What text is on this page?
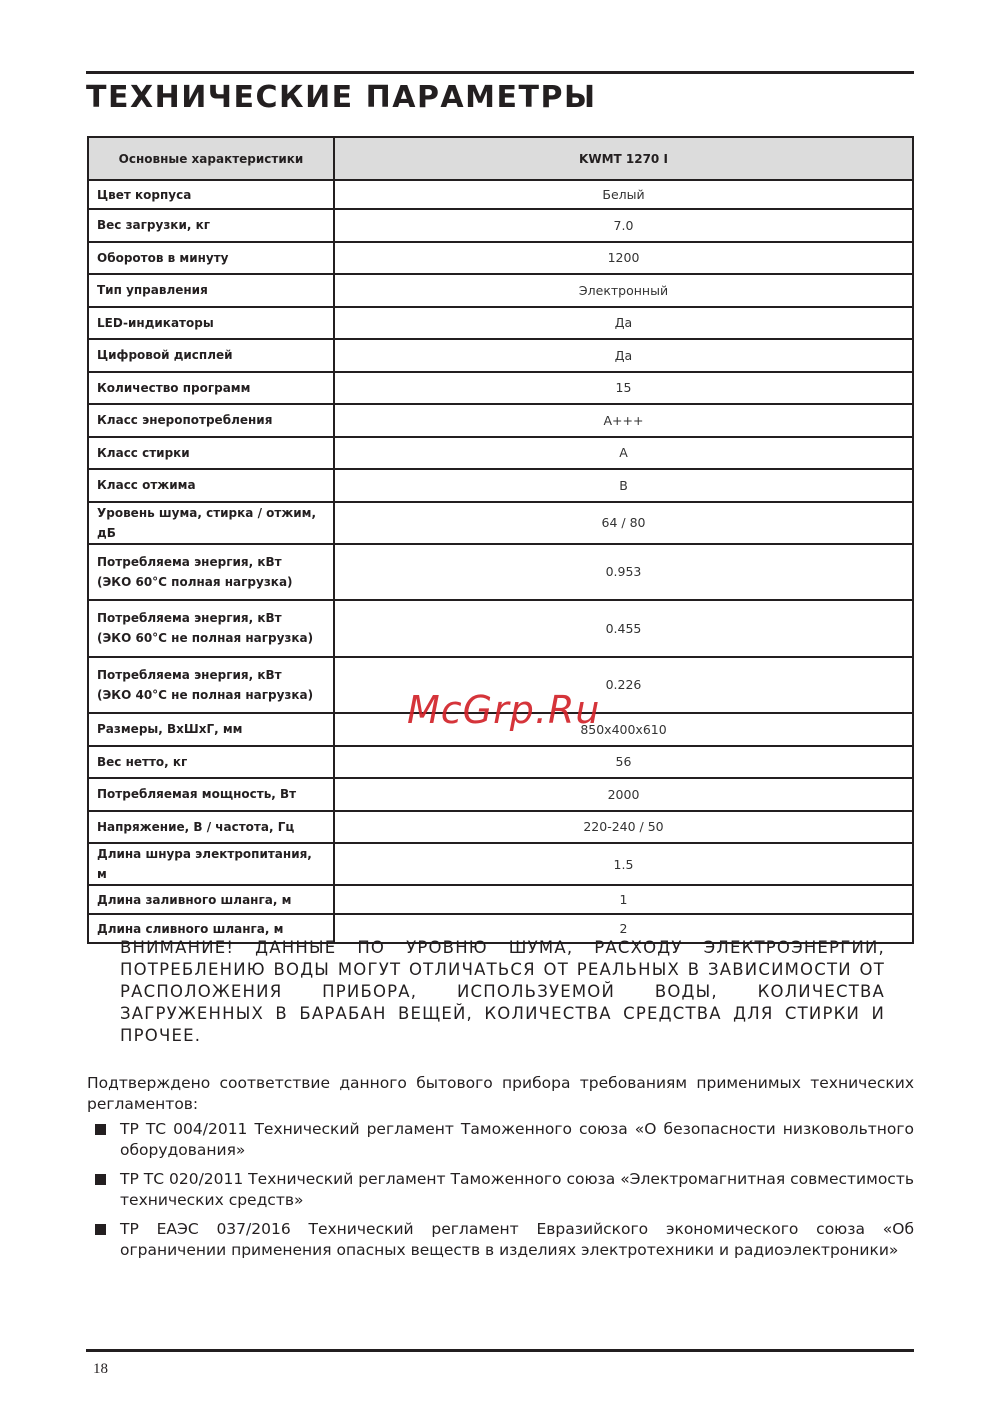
ТЕХНИЧЕСКИЕ ПАРАМЕТРЫ
Основные характеристики	KWMT 1270 I
Цвет корпуса	Белый
Вес загрузки, кг	7.0
Оборотов в минуту	1200
Тип управления	Электронный
LED-индикаторы	Да
Цифровой дисплей	Да
Количество программ	15
Класс энеропотребления	A+++
Класс стирки	A
Класс отжима	B
Уровень шума, стирка / отжим, дБ	64 / 80

Потребляема энергия, кВт
(ЭКО 60°C полная нагрузка)	0.953

Потребляема энергия, кВт
(ЭКО 60°C не полная нагрузка)	0.455

Потребляема энергия, кВт
(ЭКО 40°C не полная нагрузка)	0.226
Размеры, ВхШхГ, мм	850x400x610
Вес нетто, кг	56
Потребляемая мощность, Вт	2000
Напряжение, В / частота, Гц	220-240 / 50
Длина шнура электропитания, м	1.5
Длина заливного шланга, м	1
Длина сливного шланга, м	2
McGrp.Ru

ВНИМАНИЕ! ДАННЫЕ ПО УРОВНЮ ШУМА, РАСХОДУ ЭЛЕКТРОЭНЕРГИИ, ПОТРЕБЛЕНИЮ ВОДЫ МОГУТ ОТЛИЧАТЬСЯ ОТ РЕАЛЬНЫХ В ЗАВИСИМОСТИ ОТ РАСПОЛОЖЕНИЯ ПРИБОРА, ИСПОЛЬЗУЕМОЙ ВОДЫ, КОЛИЧЕСТВА ЗАГРУЖЕННЫХ В БАРАБАН ВЕЩЕЙ, КОЛИЧЕСТВА СРЕДСТВА ДЛЯ СТИРКИ И ПРОЧЕЕ.

Подтверждено соответствие данного бытового прибора требованиям применимых технических регламентов:

ТР ТС 004/2011 Технический регламент Таможенного союза «О безопасности низковольтного оборудования»
ТР ТС 020/2011 Технический регламент Таможенного союза «Электромагнитная совместимость технических средств»
ТР ЕАЭС 037/2016 Технический регламент Евразийского экономического союза «Об ограничении применения опасных веществ в изделиях электротехники и радиоэлектроники»
18
